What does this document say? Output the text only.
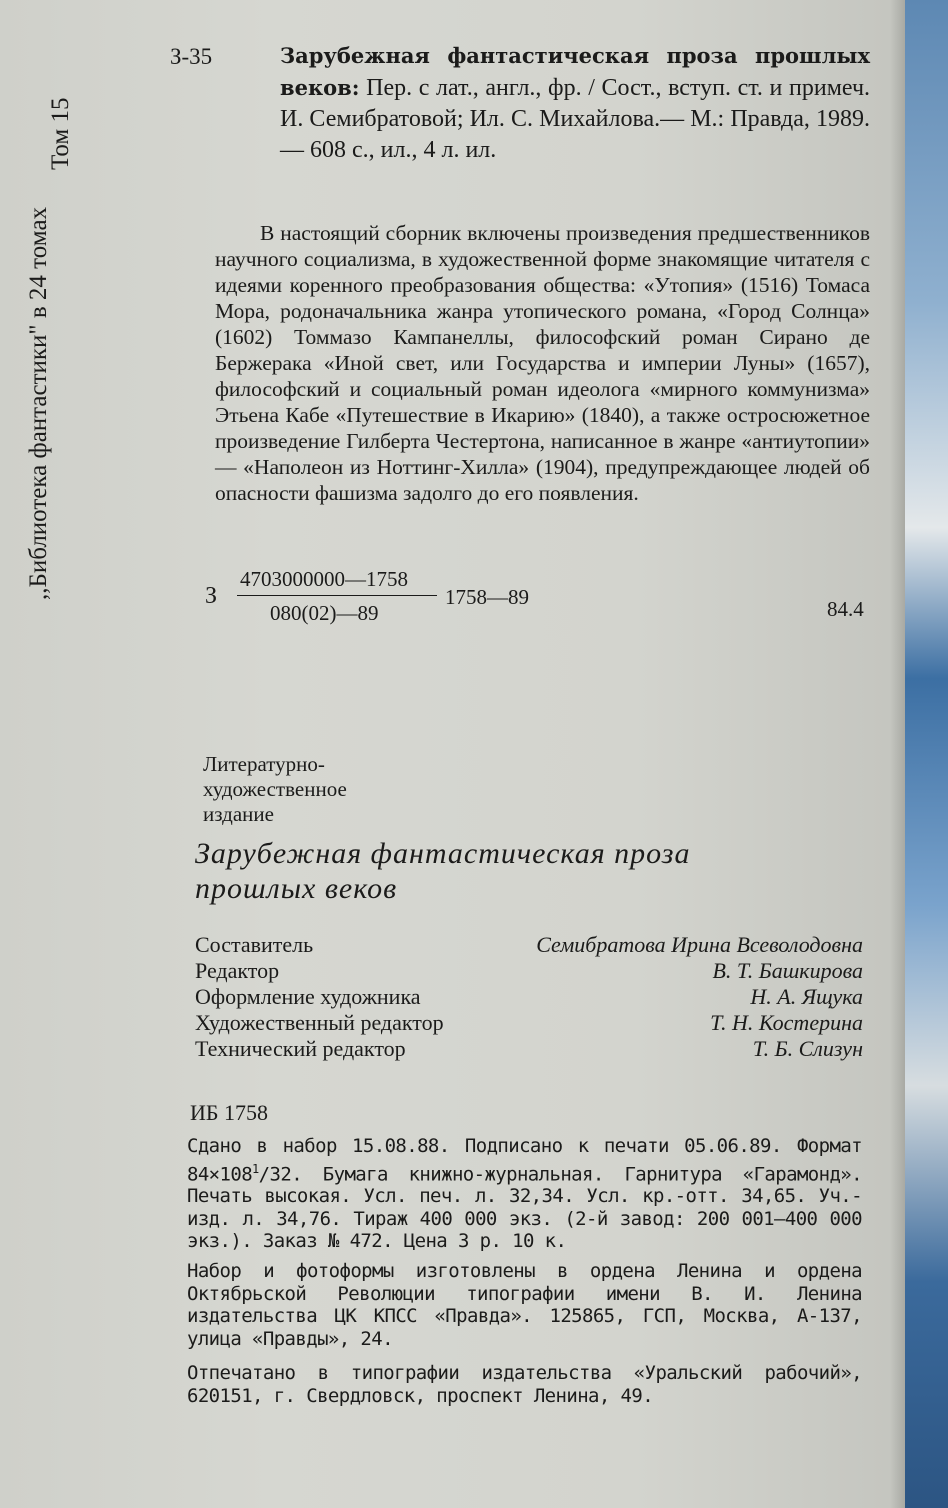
,,Библиотека фантастики" в 24 томах
Том 15
З-35	Зарубежная фантастическая проза прошлых веков: Пер. с лат., англ., фр. / Сост., вступ. ст. и примеч. И. Семибратовой; Ил. С. Михайлова.— М.: Правда, 1989.— 608 с., ил., 4 л. ил.
В настоящий сборник включены произведения предшественников научного социализма, в художественной форме знакомящие читателя с идеями коренного преобразования общества: «Утопия» (1516) Томаса Мора, родоначальника жанра утопического романа, «Город Солнца» (1602) Томмазо Кампанеллы, философский роман Сирано де Бержерака «Иной свет, или Государства и империи Луны» (1657), философский и социальный роман идеолога «мирного коммунизма» Этьена Кабе «Путешествие в Икарию» (1840), а также остросюжетное произведение Гилберта Честертона, написанное в жанре «антиутопии» — «Наполеон из Ноттинг-Хилла» (1904), предупреждающее людей об опасности фашизма задолго до его появления.
З
4703000000—1758
080(02)—89
1758—89	84.4
Литературно-
художественное
издание
Зарубежная фантастическая проза
прошлых веков
Составитель	Семибратова Ирина Всеволодовна
Редактор	В. Т. Башкирова
Оформление художника	Н. А. Ящука
Художественный редактор	Т. Н. Костерина
Технический редактор	Т. Б. Слизун
ИБ 1758
Сдано в набор 15.08.88. Подписано к печати 05.06.89. Формат $84\times 108^1/32$. Бумага книжно-журнальная. Гарнитура «Гарамонд». Печать высокая. Усл. печ. л. 32,34. Усл. кр.-отт. 34,65. Уч.-изд. л. 34,76. Тираж 400 000 экз. (2-й завод: 200 001—400 000 экз.). Заказ № 472. Цена 3 р. 10 к.
Набор и фотоформы изготовлены в ордена Ленина и ордена Октябрьской Революции типографии имени В. И. Ленина издательства ЦК КПСС «Правда». 125865, ГСП, Москва, А-137, улица «Правды», 24.
Отпечатано в типографии издательства «Уральский рабочий», 620151, г. Свердловск, проспект Ленина, 49.
